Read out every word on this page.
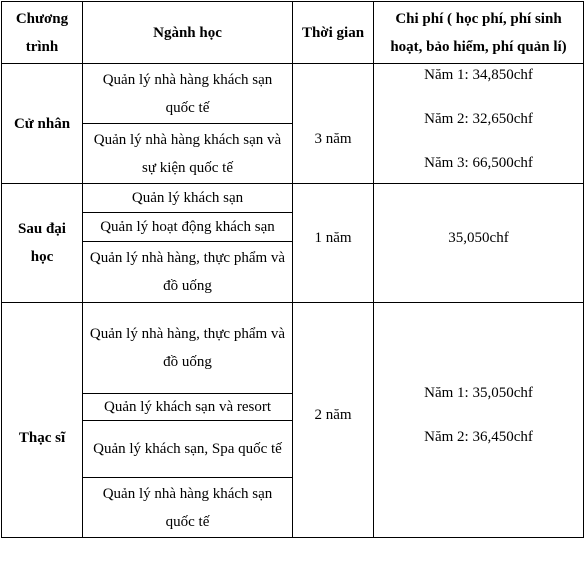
Chương trình
Ngành học	Thời gian
Chi phí ( học phí, phí sinh hoạt, bảo hiểm, phí quản lí)
Cử nhân
Quản lý nhà hàng khách sạn quốc tế
Quản lý nhà hàng khách sạn và sự kiện quốc tế
3 năm
Năm 1: 34,850chf
Năm 2: 32,650chf
Năm 3: 66,500chf
Sau đại học
Quản lý khách sạn
Quản lý hoạt động khách sạn
Quản lý nhà hàng, thực phẩm và đồ uống
1 năm	35,050chf
Thạc sĩ
Quản lý nhà hàng, thực phẩm và đồ uống
Quản lý khách sạn và resort
Quản lý khách sạn, Spa quốc tế
Quản lý nhà hàng khách sạn quốc tế
2 năm
Năm 1: 35,050chf
Năm 2: 36,450chf
